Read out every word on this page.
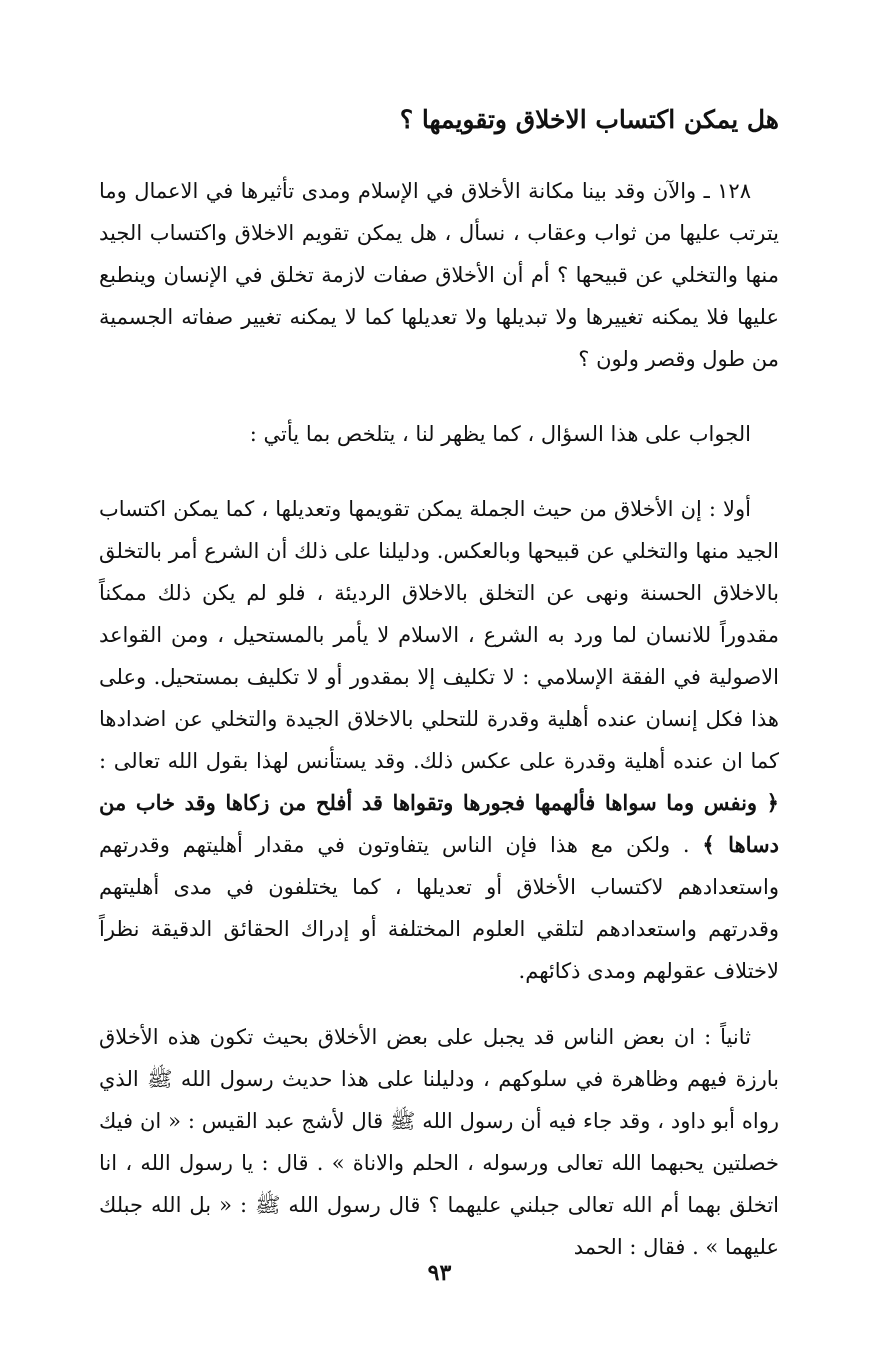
هل يمكن اكتساب الاخلاق وتقويمها ؟

١٢٨ ـ والآن وقد بينا مكانة الأخلاق في الإسلام ومدى تأثيرها في الاعمال وما يترتب عليها من ثواب وعقاب ، نسأل ، هل يمكن تقويم الاخلاق واكتساب الجيد منها والتخلي عن قبيحها ؟ أم أن الأخلاق صفات لازمة تخلق في الإنسان وينطبع عليها فلا يمكنه تغييرها ولا تبديلها ولا تعديلها كما لا يمكنه تغيير صفاته الجسمية من طول وقصر ولون ؟

الجواب على هذا السؤال ، كما يظهر لنا ، يتلخص بما يأتي :

أولا : إن الأخلاق من حيث الجملة يمكن تقويمها وتعديلها ، كما يمكن اكتساب الجيد منها والتخلي عن قبيحها وبالعكس. ودليلنا على ذلك أن الشرع أمر بالتخلق بالاخلاق الحسنة ونهى عن التخلق بالاخلاق الرديئة ، فلو لم يكن ذلك ممكناً مقدوراً للانسان لما ورد به الشرع ، الاسلام لا يأمر بالمستحيل ، ومن القواعد الاصولية في الفقة الإسلامي : لا تكليف إلا بمقدور أو لا تكليف بمستحيل. وعلى هذا فكل إنسان عنده أهلية وقدرة للتحلي بالاخلاق الجيدة والتخلي عن اضدادها كما ان عنده أهلية وقدرة على عكس ذلك. وقد يستأنس لهذا بقول الله تعالى : ﴿ ونفس وما سواها فألهمها فجورها وتقواها قد أفلح من زكاها وقد خاب من دساها ﴾ . ولكن مع هذا فإن الناس يتفاوتون في مقدار أهليتهم وقدرتهم واستعدادهم لاكتساب الأخلاق أو تعديلها ، كما يختلفون في مدى أهليتهم وقدرتهم واستعدادهم لتلقي العلوم المختلفة أو إدراك الحقائق الدقيقة نظراً لاختلاف عقولهم ومدى ذكائهم.

ثانياً : ان بعض الناس قد يجبل على بعض الأخلاق بحيث تكون هذه الأخلاق بارزة فيهم وظاهرة في سلوكهم ، ودليلنا على هذا حديث رسول الله ﷺ الذي رواه أبو داود ، وقد جاء فيه أن رسول الله ﷺ قال لأشج عبد القيس : « ان فيك خصلتين يحبهما الله تعالى ورسوله ، الحلم والاناة » . قال : يا رسول الله ، انا اتخلق بهما أم الله تعالى جبلني عليهما ؟ قال رسول الله ﷺ : « بل الله جبلك عليهما » . فقال : الحمد

٩٣
